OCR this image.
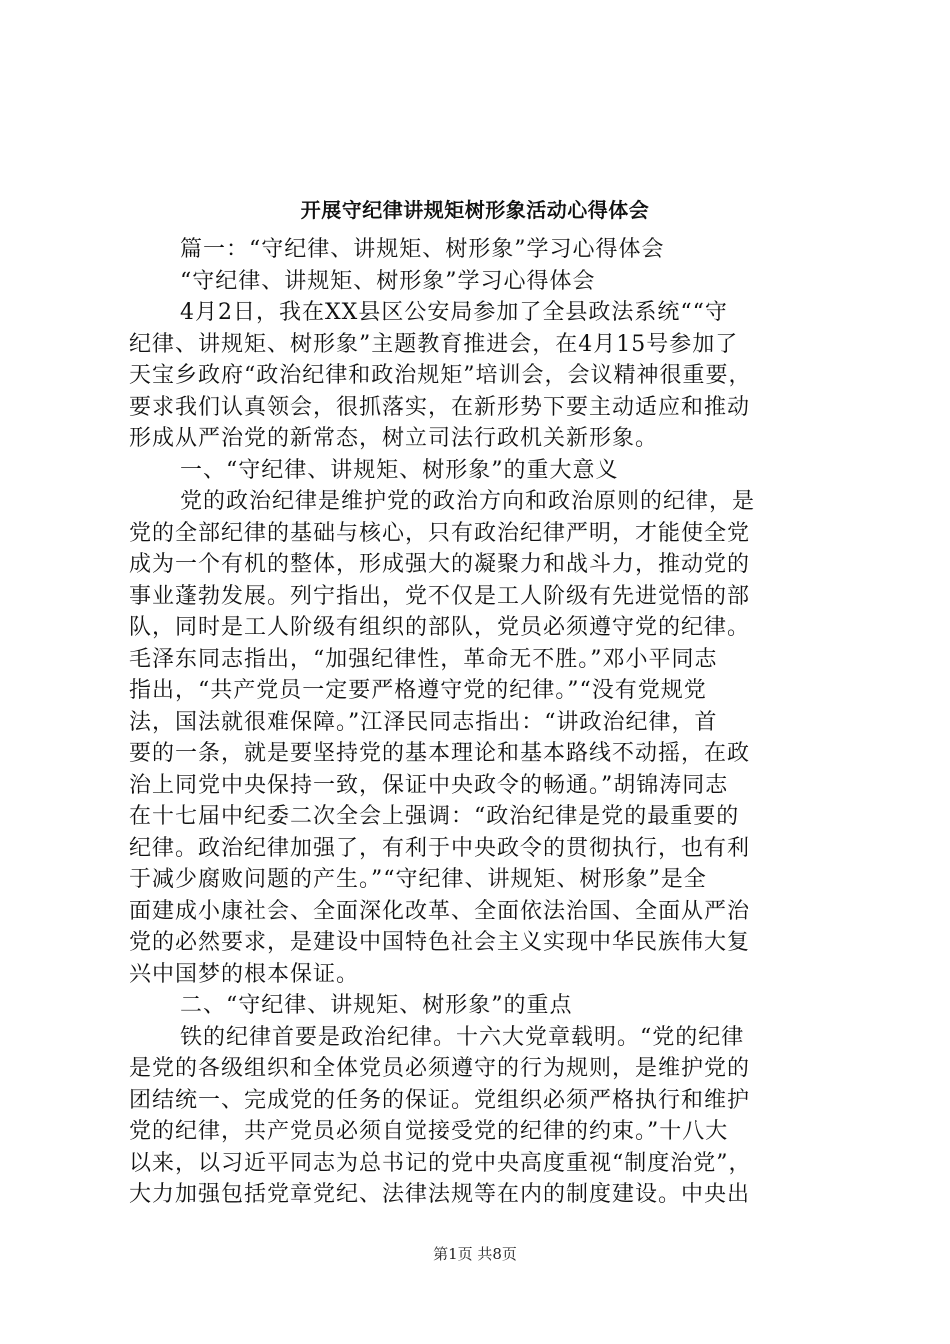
开展守纪律讲规矩树形象活动心得体会
篇一：“守纪律、讲规矩、树形象”学习心得体会
“守纪律、讲规矩、树形象”学习心得体会
4月2日，我在XX县区公安局参加了全县政法系统““守
纪律、讲规矩、树形象”主题教育推进会，在4月15号参加了
天宝乡政府“政治纪律和政治规矩”培训会，会议精神很重要，
要求我们认真领会，很抓落实，在新形势下要主动适应和推动
形成从严治党的新常态，树立司法行政机关新形象。
一、“守纪律、讲规矩、树形象”的重大意义
党的政治纪律是维护党的政治方向和政治原则的纪律，是
党的全部纪律的基础与核心，只有政治纪律严明，才能使全党
成为一个有机的整体，形成强大的凝聚力和战斗力，推动党的
事业蓬勃发展。列宁指出，党不仅是工人阶级有先进觉悟的部
队，同时是工人阶级有组织的部队，党员必须遵守党的纪律。
毛泽东同志指出，“加强纪律性，革命无不胜。”邓小平同志
指出，“共产党员一定要严格遵守党的纪律。”“没有党规党
法，国法就很难保障。”江泽民同志指出：“讲政治纪律，首
要的一条，就是要坚持党的基本理论和基本路线不动摇，在政
治上同党中央保持一致，保证中央政令的畅通。”胡锦涛同志
在十七届中纪委二次全会上强调：“政治纪律是党的最重要的
纪律。政治纪律加强了，有利于中央政令的贯彻执行，也有利
于减少腐败问题的产生。”“守纪律、讲规矩、树形象”是全
面建成小康社会、全面深化改革、全面依法治国、全面从严治
党的必然要求，是建设中国特色社会主义实现中华民族伟大复
兴中国梦的根本保证。
二、“守纪律、讲规矩、树形象”的重点
铁的纪律首要是政治纪律。十六大党章载明。“党的纪律
是党的各级组织和全体党员必须遵守的行为规则，是维护党的
团结统一、完成党的任务的保证。党组织必须严格执行和维护
党的纪律，共产党员必须自觉接受党的纪律的约束。”十八大
以来，以习近平同志为总书记的党中央高度重视“制度治党”，
大力加强包括党章党纪、法律法规等在内的制度建设。中央出
第1页 共8页
